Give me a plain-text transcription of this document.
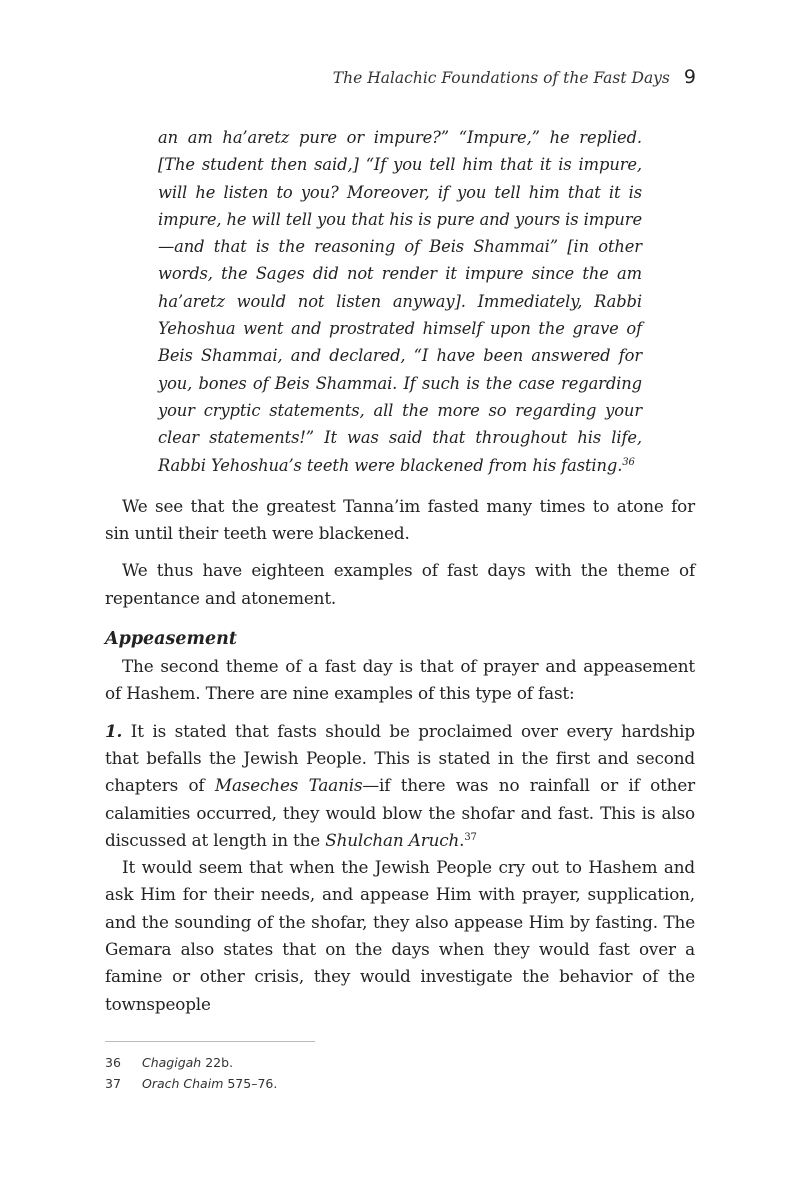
The Halachic Foundations of the Fast Days 9
an am ha’aretz pure or impure?” “Impure,” he replied. [The student then said,] “If you tell him that it is impure, will he listen to you? Moreover, if you tell him that it is impure, he will tell you that his is pure and yours is impure—and that is the reasoning of Beis Shammai” [in other words, the Sages did not render it impure since the am ha’aretz would not listen anyway]. Immediately, Rabbi Yehoshua went and prostrated himself upon the grave of Beis Shammai, and declared, “I have been answered for you, bones of Beis Shammai. If such is the case regarding your cryptic statements, all the more so regarding your clear statements!” It was said that throughout his life, Rabbi Yehoshua’s teeth were blackened from his fasting.$^{36}$

We see that the greatest Tanna’im fasted many times to atone for sin until their teeth were blackened.

We thus have eighteen examples of fast days with the theme of repentance and atonement.

Appeasement

The second theme of a fast day is that of prayer and appeasement of Hashem. There are nine examples of this type of fast:

1. It is stated that fasts should be proclaimed over every hardship that befalls the Jewish People. This is stated in the first and second chapters of Maseches Taanis—if there was no rainfall or if other calamities occurred, they would blow the shofar and fast. This is also discussed at length in the Shulchan Aruch.$^{37}$

It would seem that when the Jewish People cry out to Hashem and ask Him for their needs, and appease Him with prayer, supplication, and the sounding of the shofar, they also appease Him by fasting. The Gemara also states that on the days when they would fast over a famine or other crisis, they would investigate the behavior of the townspeople

36	Chagigah 22b.
37	Orach Chaim 575–76.
